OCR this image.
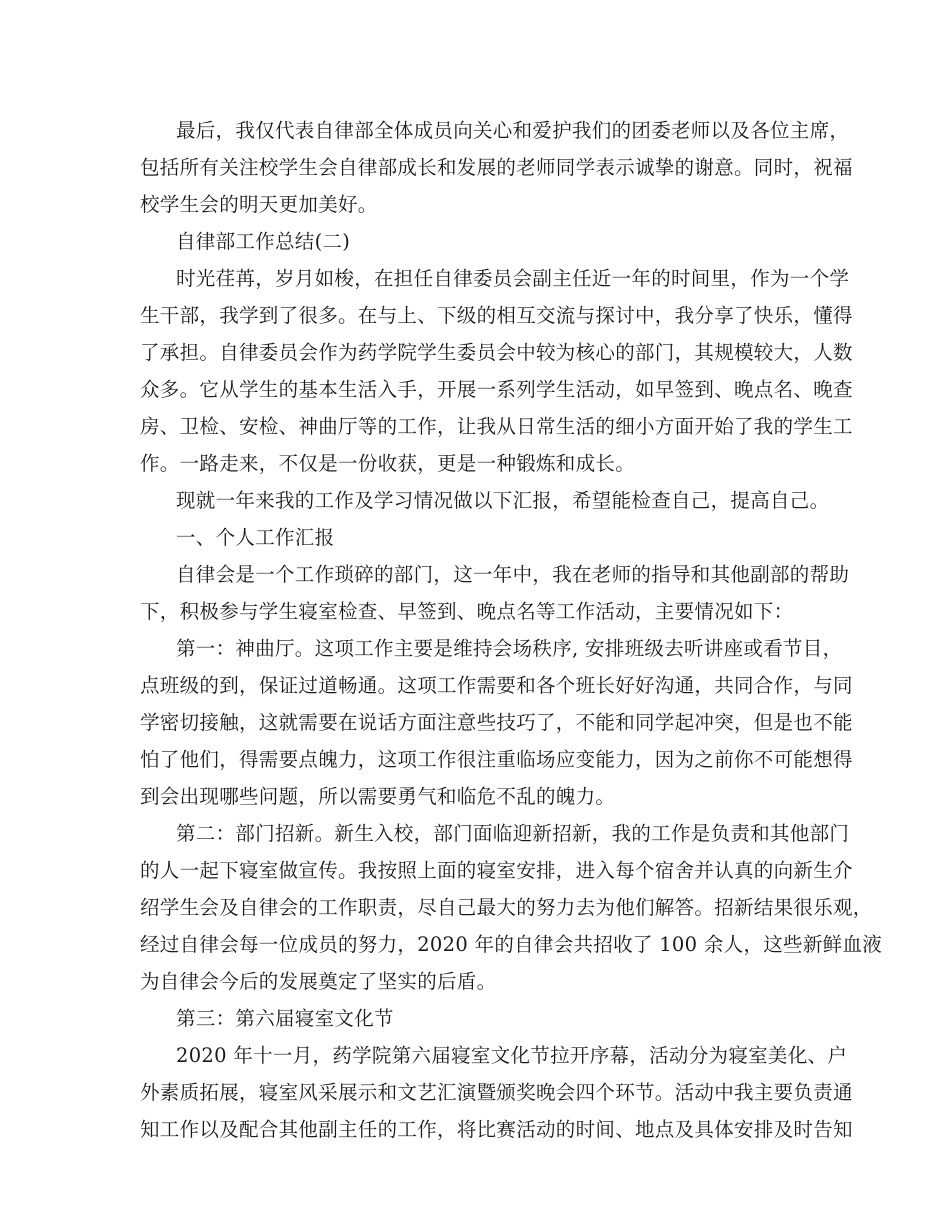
最后，我仅代表自律部全体成员向关心和爱护我们的团委老师以及各位主席，
包括所有关注校学生会自律部成长和发展的老师同学表示诚挚的谢意。同时，祝福
校学生会的明天更加美好。
自律部工作总结(二)
时光荏苒，岁月如梭，在担任自律委员会副主任近一年的时间里，作为一个学
生干部，我学到了很多。在与上、下级的相互交流与探讨中，我分享了快乐，懂得
了承担。自律委员会作为药学院学生委员会中较为核心的部门，其规模较大，人数
众多。它从学生的基本生活入手，开展一系列学生活动，如早签到、晚点名、晚查
房、卫检、安检、神曲厅等的工作，让我从日常生活的细小方面开始了我的学生工
作。一路走来，不仅是一份收获，更是一种锻炼和成长。
现就一年来我的工作及学习情况做以下汇报，希望能检查自己，提高自己。
一、个人工作汇报
自律会是一个工作琐碎的部门，这一年中，我在老师的指导和其他副部的帮助
下，积极参与学生寝室检查、早签到、晚点名等工作活动，主要情况如下：
第一：神曲厅。这项工作主要是维持会场秩序, 安排班级去听讲座或看节目，
点班级的到，保证过道畅通。这项工作需要和各个班长好好沟通，共同合作，与同
学密切接触，这就需要在说话方面注意些技巧了，不能和同学起冲突，但是也不能
怕了他们，得需要点魄力，这项工作很注重临场应变能力，因为之前你不可能想得
到会出现哪些问题，所以需要勇气和临危不乱的魄力。
第二：部门招新。新生入校，部门面临迎新招新，我的工作是负责和其他部门
的人一起下寝室做宣传。我按照上面的寝室安排，进入每个宿舍并认真的向新生介
绍学生会及自律会的工作职责，尽自己最大的努力去为他们解答。招新结果很乐观，
经过自律会每一位成员的努力，2020 年的自律会共招收了 100 余人，这些新鲜血液
为自律会今后的发展奠定了坚实的后盾。
第三：第六届寝室文化节
2020 年十一月，药学院第六届寝室文化节拉开序幕，活动分为寝室美化、户
外素质拓展，寝室风采展示和文艺汇演暨颁奖晚会四个环节。活动中我主要负责通
知工作以及配合其他副主任的工作，将比赛活动的时间、地点及具体安排及时告知
